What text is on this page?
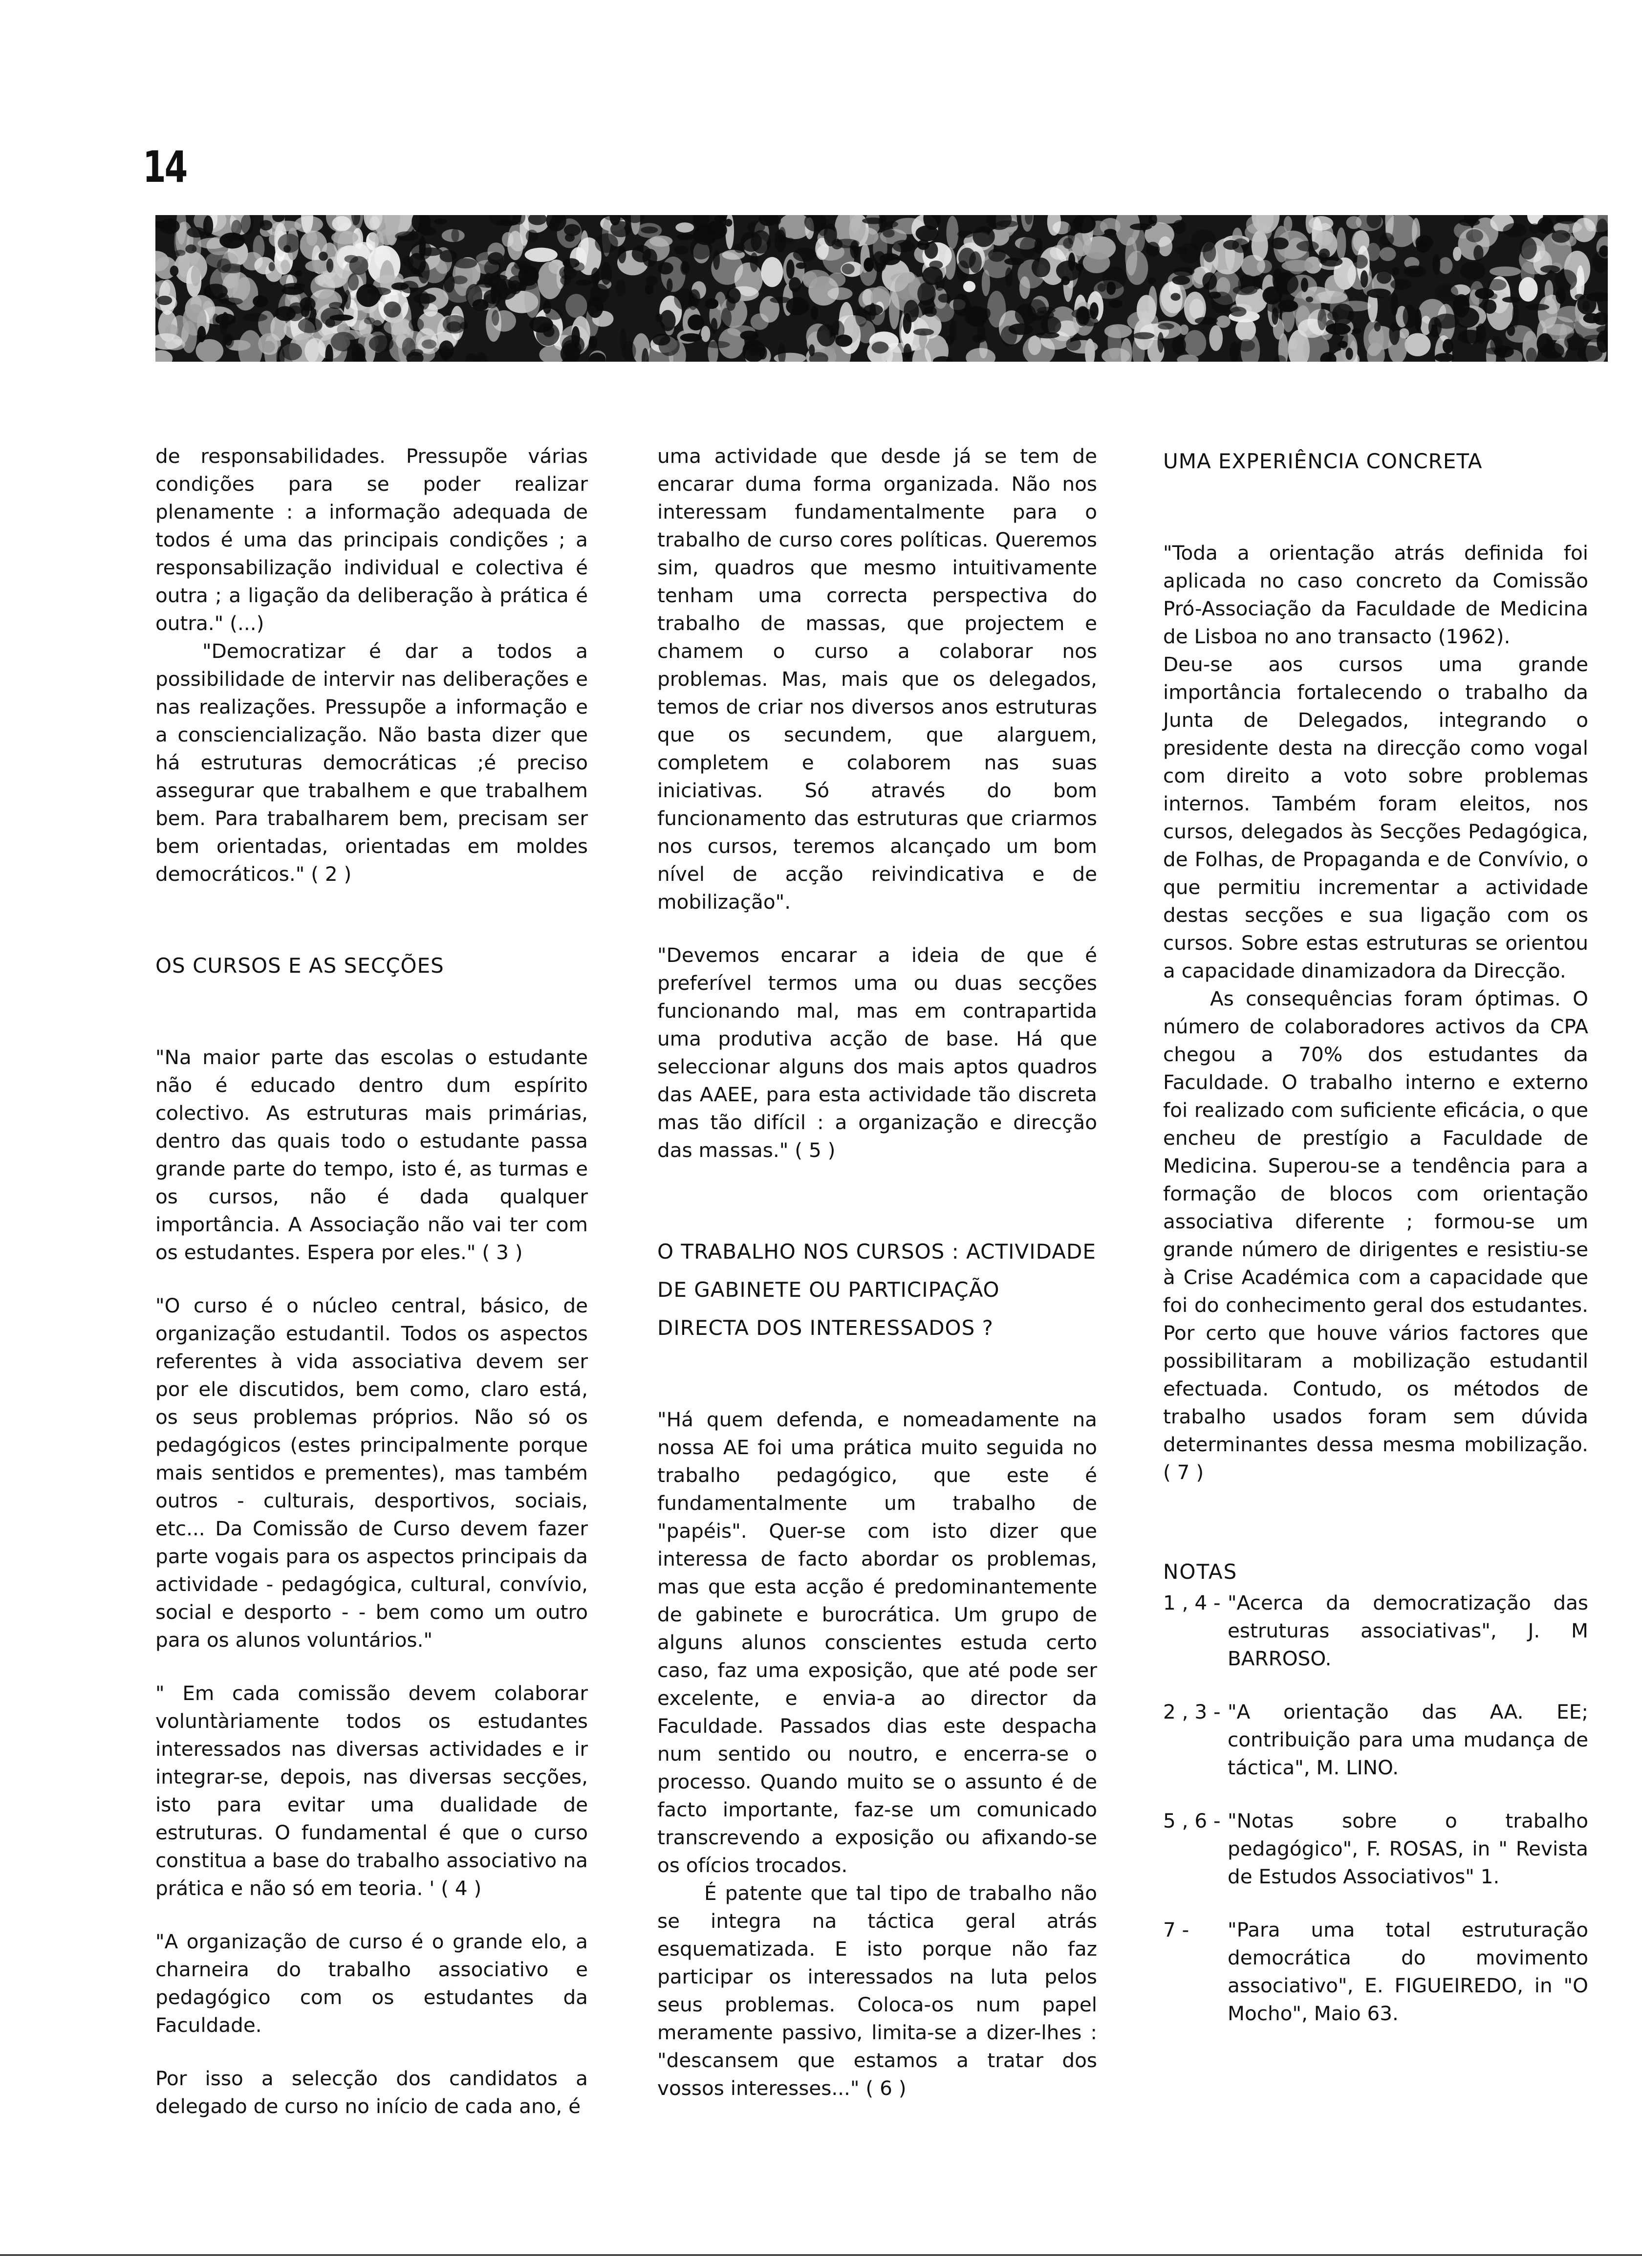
14

de responsabilidades. Pressupõe várias condições para se poder realizar plenamente : a informação adequada de todos é uma das principais condições ; a responsabilização individual e colectiva é outra ; a ligação da deliberação à prática é outra." (...)

"Democratizar é dar a todos a possibilidade de intervir nas deliberações e nas realizações. Pressupõe a informação e a consciencialização. Não basta dizer que há estruturas democráticas ;é preciso assegurar que trabalhem e que trabalhem bem. Para trabalharem bem, precisam ser bem orientadas, orientadas em moldes democráticos." ( 2 )

OS CURSOS E AS SECÇÕES

"Na maior parte das escolas o estudante não é educado dentro dum espírito colectivo. As estruturas mais primárias, dentro das quais todo o estudante passa grande parte do tempo, isto é, as turmas e os cursos, não é dada qualquer importância. A Associação não vai ter com os estudantes. Espera por eles." ( 3 )

"O curso é o núcleo central, básico, de organização estudantil. Todos os aspectos referentes à vida associativa devem ser por ele discutidos, bem como, claro está, os seus problemas próprios. Não só os pedagógicos (estes principalmente porque mais sentidos e prementes), mas também outros - culturais, desportivos, sociais, etc... Da Comissão de Curso devem fazer parte vogais para os aspectos principais da actividade - pedagógica, cultural, convívio, social e desporto - - bem como um outro para os alunos voluntários."

" Em cada comissão devem colaborar voluntàriamente todos os estudantes interessados nas diversas actividades e ir integrar-se, depois, nas diversas secções, isto para evitar uma dualidade de estruturas. O fundamental é que o curso constitua a base do trabalho associativo na prática e não só em teoria. ' ( 4 )

"A organização de curso é o grande elo, a charneira do trabalho associativo e pedagógico com os estudantes da Faculdade.

Por isso a selecção dos candidatos a delegado de curso no início de cada ano, é

uma actividade que desde já se tem de encarar duma forma organizada. Não nos interessam fundamentalmente para o trabalho de curso cores políticas. Queremos sim, quadros que mesmo intuitivamente tenham uma correcta perspectiva do trabalho de massas, que projectem e chamem o curso a colaborar nos problemas. Mas, mais que os delegados, temos de criar nos diversos anos estruturas que os secundem, que alarguem, completem e colaborem nas suas iniciativas. Só através do bom funcionamento das estruturas que criarmos nos cursos, teremos alcançado um bom nível de acção reivindicativa e de mobilização".

"Devemos encarar a ideia de que é preferível termos uma ou duas secções funcionando mal, mas em contrapartida uma produtiva acção de base. Há que seleccionar alguns dos mais aptos quadros das AAEE, para esta actividade tão discreta mas tão difícil : a organização e direcção das massas." ( 5 )

O TRABALHO NOS CURSOS : ACTIVIDADE DE GABINETE OU PARTICIPAÇÃO DIRECTA DOS INTERESSADOS ?

"Há quem defenda, e nomeadamente na nossa AE foi uma prática muito seguida no trabalho pedagógico, que este é fundamentalmente um trabalho de "papéis". Quer-se com isto dizer que interessa de facto abordar os problemas, mas que esta acção é predominantemente de gabinete e burocrática. Um grupo de alguns alunos conscientes estuda certo caso, faz uma exposição, que até pode ser excelente, e envia-a ao director da Faculdade. Passados dias este despacha num sentido ou noutro, e encerra-se o processo. Quando muito se o assunto é de facto importante, faz-se um comunicado transcrevendo a exposição ou afixando-se os ofícios trocados.

É patente que tal tipo de trabalho não se integra na táctica geral atrás esquematizada. E isto porque não faz participar os interessados na luta pelos seus problemas. Coloca-os num papel meramente passivo, limita-se a dizer-lhes : "descansem que estamos a tratar dos vossos interesses..." ( 6 )

UMA EXPERIÊNCIA CONCRETA

"Toda a orientação atrás definida foi aplicada no caso concreto da Comissão Pró-Associação da Faculdade de Medicina de Lisboa no ano transacto (1962).

Deu-se aos cursos uma grande importância fortalecendo o trabalho da Junta de Delegados, integrando o presidente desta na direcção como vogal com direito a voto sobre problemas internos. Também foram eleitos, nos cursos, delegados às Secções Pedagógica, de Folhas, de Propaganda e de Convívio, o que permitiu incrementar a actividade destas secções e sua ligação com os cursos. Sobre estas estruturas se orientou a capacidade dinamizadora da Direcção.

As consequências foram óptimas. O número de colaboradores activos da CPA chegou a 70% dos estudantes da Faculdade. O trabalho interno e externo foi realizado com suficiente eficácia, o que encheu de prestígio a Faculdade de Medicina. Superou-se a tendência para a formação de blocos com orientação associativa diferente ; formou-se um grande número de dirigentes e resistiu-se à Crise Académica com a capacidade que foi do conhecimento geral dos estudantes. Por certo que houve vários factores que possibilitaram a mobilização estudantil efectuada. Contudo, os métodos de trabalho usados foram sem dúvida determinantes dessa mesma mobilização. ( 7 )

NOTAS
1 , 4 - "Acerca da democratização das estruturas associativas", J. M BARROSO.
2 , 3 - "A orientação das AA. EE; contribuição para uma mudança de táctica", M. LINO.
5 , 6 - "Notas sobre o trabalho pedagógico", F. ROSAS, in " Revista de Estudos Associativos" 1.
7 -	"Para uma total estruturação democrática do movimento associativo", E. FIGUEIREDO, in "O Mocho", Maio 63.
